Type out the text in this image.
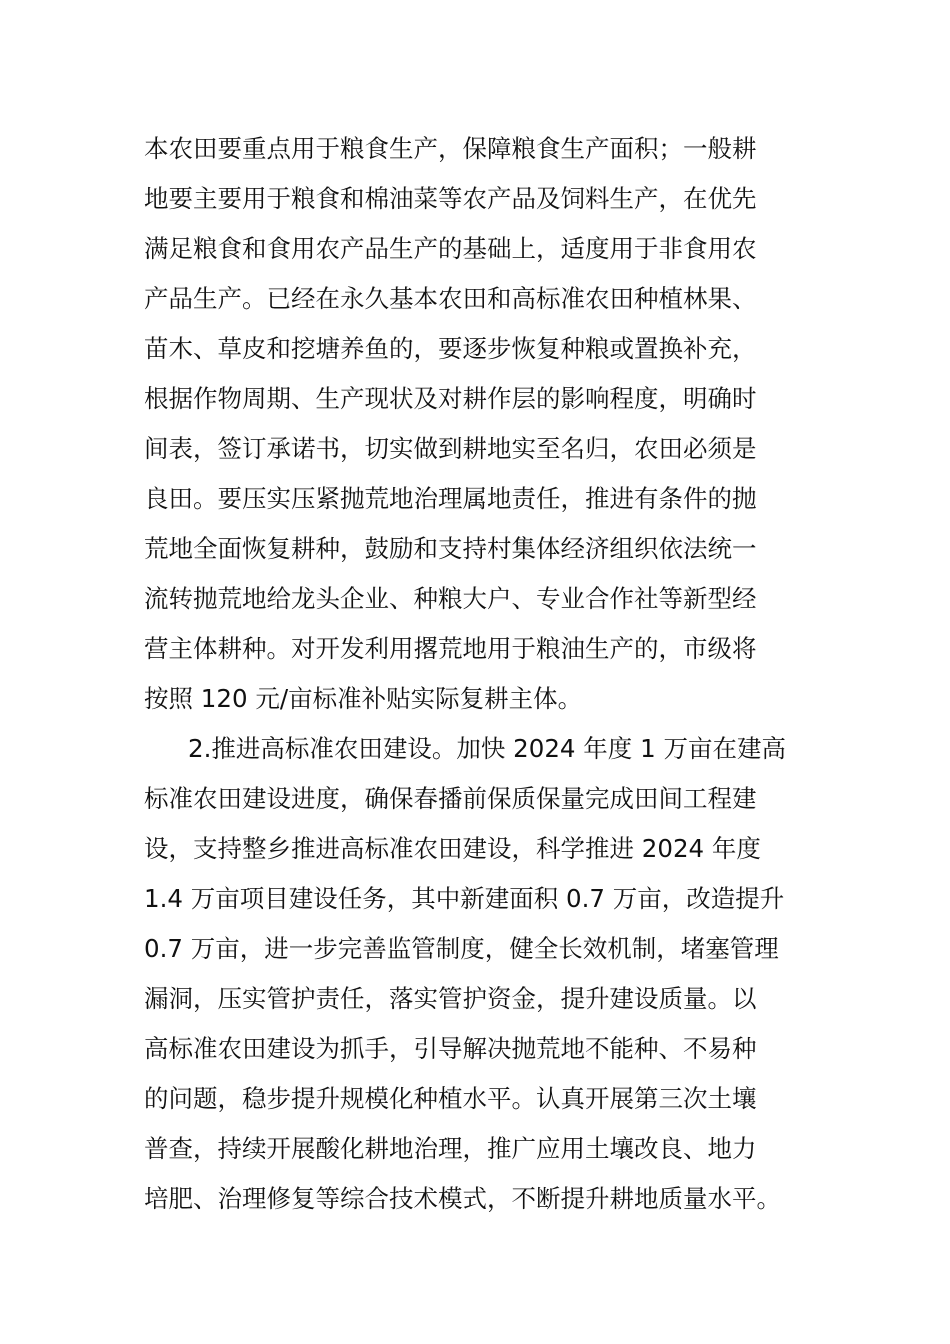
本农田要重点用于粮食生产，保障粮食生产面积；一般耕
地要主要用于粮食和棉油菜等农产品及饲料生产，在优先
满足粮食和食用农产品生产的基础上，适度用于非食用农
产品生产。已经在永久基本农田和高标准农田种植林果、
苗木、草皮和挖塘养鱼的，要逐步恢复种粮或置换补充，
根据作物周期、生产现状及对耕作层的影响程度，明确时
间表，签订承诺书，切实做到耕地实至名归，农田必须是
良田。要压实压紧抛荒地治理属地责任，推进有条件的抛
荒地全面恢复耕种，鼓励和支持村集体经济组织依法统一
流转抛荒地给龙头企业、种粮大户、专业合作社等新型经
营主体耕种。对开发利用撂荒地用于粮油生产的，市级将
按照 120 元/亩标准补贴实际复耕主体。
2.推进高标准农田建设。加快 2024 年度 1 万亩在建高
标准农田建设进度，确保春播前保质保量完成田间工程建
设，支持整乡推进高标准农田建设，科学推进 2024 年度
1.4 万亩项目建设任务，其中新建面积 0.7 万亩，改造提升
0.7 万亩，进一步完善监管制度，健全长效机制，堵塞管理
漏洞，压实管护责任，落实管护资金，提升建设质量。以
高标准农田建设为抓手，引导解决抛荒地不能种、不易种
的问题，稳步提升规模化种植水平。认真开展第三次土壤
普查，持续开展酸化耕地治理，推广应用土壤改良、地力
培肥、治理修复等综合技术模式，不断提升耕地质量水平。
